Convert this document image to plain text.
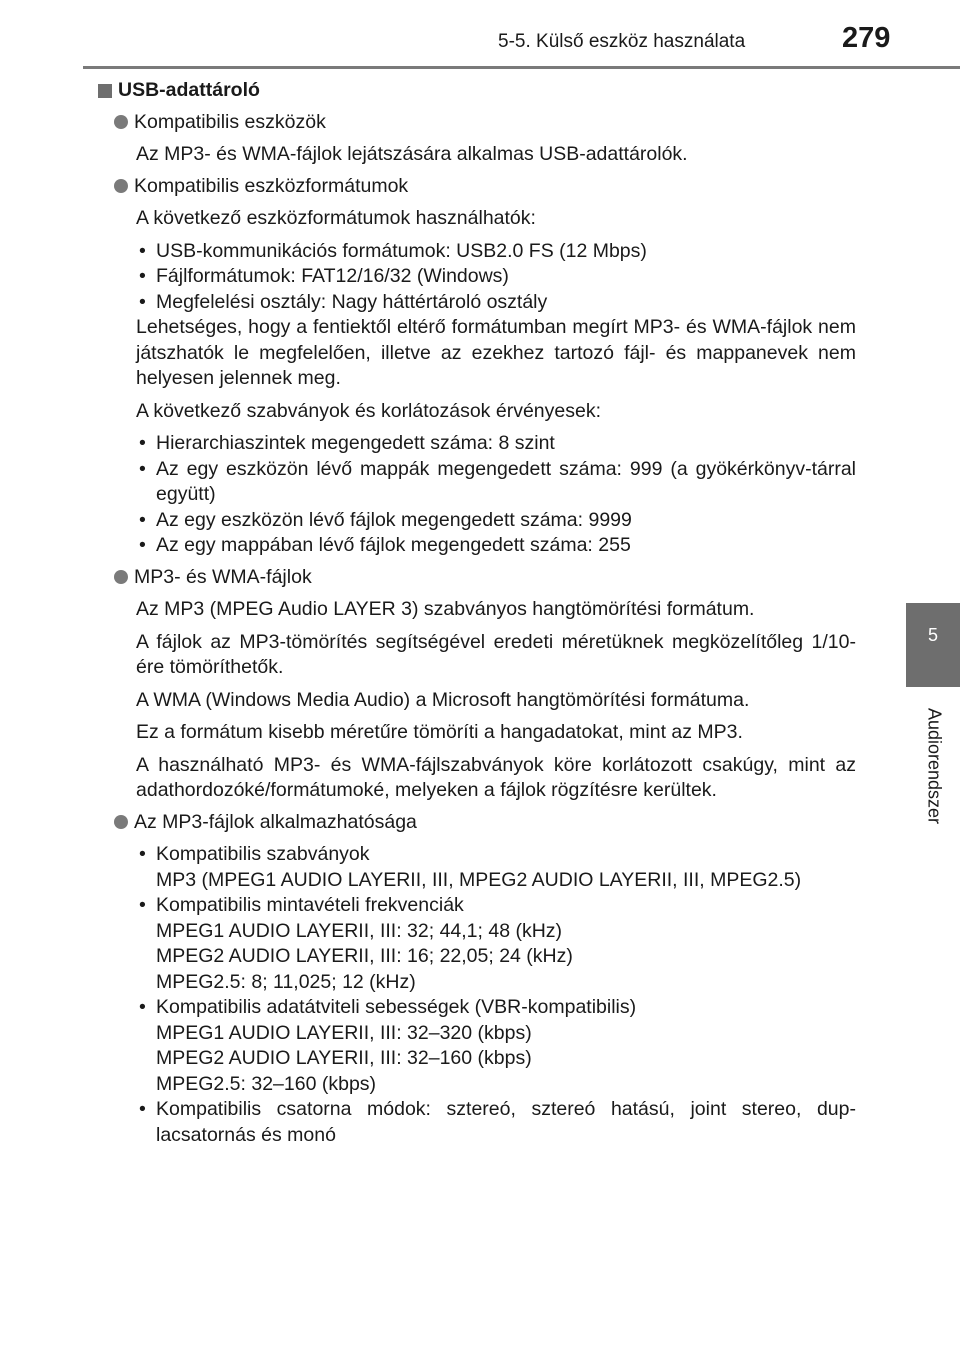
5-5. Külső eszköz használata	279
5
Audiorendszer
USB-adattároló
Kompatibilis eszközök
Az MP3- és WMA-fájlok lejátszására alkalmas USB-adattárolók.
Kompatibilis eszközformátumok
A következő eszközformátumok használhatók:
• USB-kommunikációs formátumok: USB2.0 FS (12 Mbps)
• Fájlformátumok: FAT12/16/32 (Windows)
• Megfelelési osztály: Nagy háttértároló osztály
Lehetséges, hogy a fentiektől eltérő formátumban megírt MP3- és WMA-fájlok nem játszhatók le megfelelően, illetve az ezekhez tartozó fájl- és mappanevek nem helyesen jelennek meg.
A következő szabványok és korlátozások érvényesek:
• Hierarchiaszintek megengedett száma: 8 szint
• Az egy eszközön lévő mappák megengedett száma: 999 (a gyökérkönyv-tárral együtt)
• Az egy eszközön lévő fájlok megengedett száma: 9999
• Az egy mappában lévő fájlok megengedett száma: 255
MP3- és WMA-fájlok
Az MP3 (MPEG Audio LAYER 3) szabványos hangtömörítési formátum.
A fájlok az MP3-tömörítés segítségével eredeti méretüknek megközelítőleg 1/10-ére tömöríthetők.
A WMA (Windows Media Audio) a Microsoft hangtömörítési formátuma.
Ez a formátum kisebb méretűre tömöríti a hangadatokat, mint az MP3.
A használható MP3- és WMA-fájlszabványok köre korlátozott csakúgy, mint az adathordozóké/formátumoké, melyeken a fájlok rögzítésre kerültek.
Az MP3-fájlok alkalmazhatósága
• Kompatibilis szabványok
MP3 (MPEG1 AUDIO LAYERII, III, MPEG2 AUDIO LAYERII, III, MPEG2.5)
• Kompatibilis mintavételi frekvenciák
MPEG1 AUDIO LAYERII, III: 32; 44,1; 48 (kHz)
MPEG2 AUDIO LAYERII, III: 16; 22,05; 24 (kHz)
MPEG2.5: 8; 11,025; 12 (kHz)
• Kompatibilis adatátviteli sebességek (VBR-kompatibilis)
MPEG1 AUDIO LAYERII, III: 32–320 (kbps)
MPEG2 AUDIO LAYERII, III: 32–160 (kbps)
MPEG2.5: 32–160 (kbps)
• Kompatibilis csatorna módok: sztereó, sztereó hatású, joint stereo, dup-lacsatornás és monó
